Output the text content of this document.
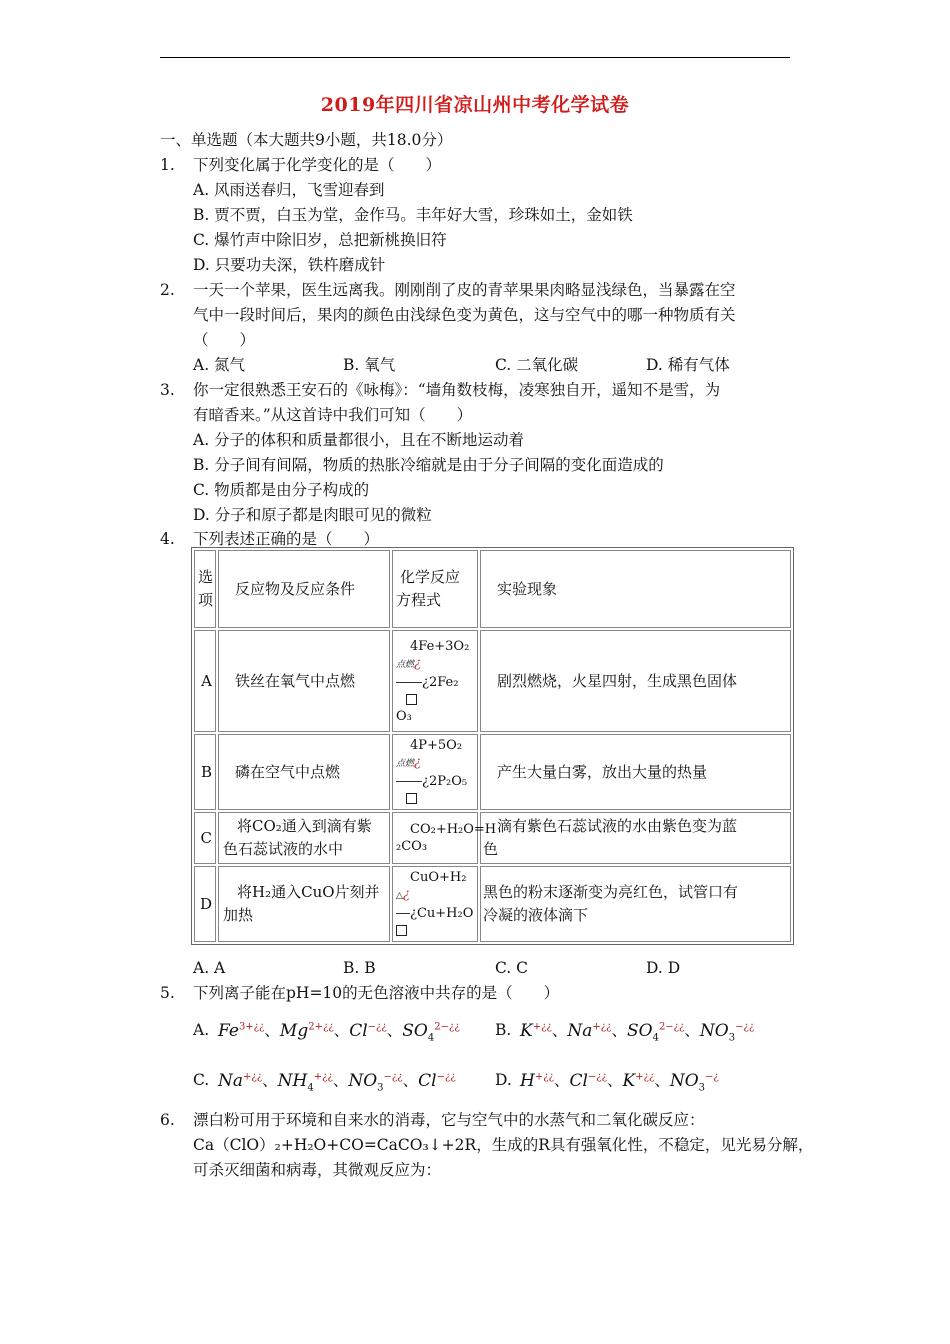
2019年四川省凉山州中考化学试卷
一、单选题（本大题共9小题，共18.0分）
1. 下列变化属于化学变化的是（　　）
A. 风雨送春归，飞雪迎春到
B. 贾不贾，白玉为堂，金作马。丰年好大雪，珍珠如土，金如铁
C. 爆竹声中除旧岁，总把新桃换旧符
D. 只要功夫深，铁杵磨成针
2. 一天一个苹果，医生远离我。刚刚削了皮的青苹果果肉略显浅绿色，当暴露在空
气中一段时间后，果肉的颜色由浅绿色变为黄色，这与空气中的哪一种物质有关
（　　）
A. 氮气	B. 氧气	C. 二氧化碳	D. 稀有气体
3. 你一定很熟悉王安石的《咏梅》：“墙角数枝梅，凌寒独自开，遥知不是雪，为
有暗香来。”从这首诗中我们可知（　　）
A. 分子的体积和质量都很小，且在不断地运动着
B. 分子间有间隔，物质的热胀冷缩就是由于分子间隔的变化面造成的
C. 物质都是由分子构成的
D. 分子和原子都是肉眼可见的微粒
4. 下列表述正确的是（　　）
选
项	反应物及反应条件	化学反应
方程式	实验现象
A	铁丝在氧气中点燃	4Fe+3O₂
点燃¿
¿2Fe₂

O₃	剧烈燃烧，火星四射，生成黑色固体
B	磷在空气中点燃	4P+5O₂
点燃¿
¿2P₂O₅	产生大量白雾，放出大量的热量
C	将CO₂通入到滴有紫
色石蕊试液的水中	CO₂+H₂O=H
₂CO₃	滴有紫色石蕊试液的水由紫色变为蓝
色
D	将H₂通入CuO片刻并
加热	CuO+H₂
△¿
¿Cu+H₂O	黑色的粉末逐渐变为亮红色，试管口有
冷凝的液体滴下
A. A	B. B	C. C	D. D
5. 下列离子能在pH=10的无色溶液中共存的是（　　）
A. $Fe^{3+¿¿}$、$Mg^{2+¿¿}$、Cl−¿¿、$SO_4^{2-¿¿}$ B. K+¿¿、Na+¿¿、$SO_4^{2-¿¿}$、$NO_3^{-¿¿}$
C. Na+¿¿、$NH_4^{+¿¿}$、$NO_3^{-¿¿}$、Cl−¿¿	D. H+¿¿、Cl−¿¿、K+¿¿、$NO_3^{-¿}$
6. 漂白粉可用于环境和自来水的消毒，它与空气中的水蒸气和二氧化碳反应：
Ca（ClO）₂+H₂O+CO=CaCO₃↓+2R，生成的R具有强氧化性，不稳定，见光易分解，
可杀灭细菌和病毒，其微观反应为：
